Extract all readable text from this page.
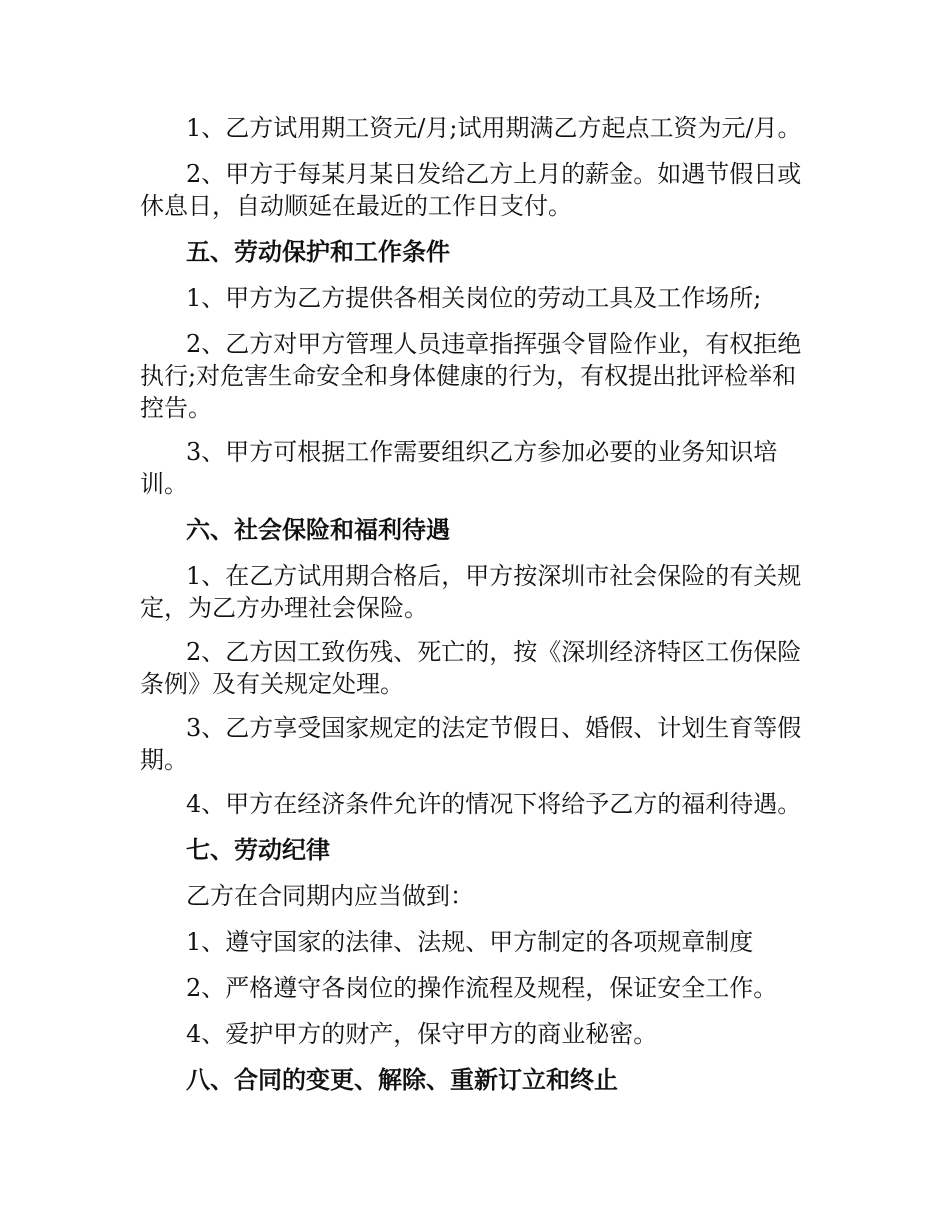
1、乙方试用期工资元/月;试用期满乙方起点工资为元/月。
2、甲方于每某月某日发给乙方上月的薪金。如遇节假日或休息日，自动顺延在最近的工作日支付。
五、劳动保护和工作条件
1、甲方为乙方提供各相关岗位的劳动工具及工作场所;
2、乙方对甲方管理人员违章指挥强令冒险作业，有权拒绝执行;对危害生命安全和身体健康的行为，有权提出批评检举和控告。
3、甲方可根据工作需要组织乙方参加必要的业务知识培训。
六、社会保险和福利待遇
1、在乙方试用期合格后，甲方按深圳市社会保险的有关规定，为乙方办理社会保险。
2、乙方因工致伤残、死亡的，按《深圳经济特区工伤保险条例》及有关规定处理。
3、乙方享受国家规定的法定节假日、婚假、计划生育等假期。
4、甲方在经济条件允许的情况下将给予乙方的福利待遇。
七、劳动纪律
乙方在合同期内应当做到：
1、遵守国家的法律、法规、甲方制定的各项规章制度
2、严格遵守各岗位的操作流程及规程，保证安全工作。
4、爱护甲方的财产，保守甲方的商业秘密。
八、合同的变更、解除、重新订立和终止
